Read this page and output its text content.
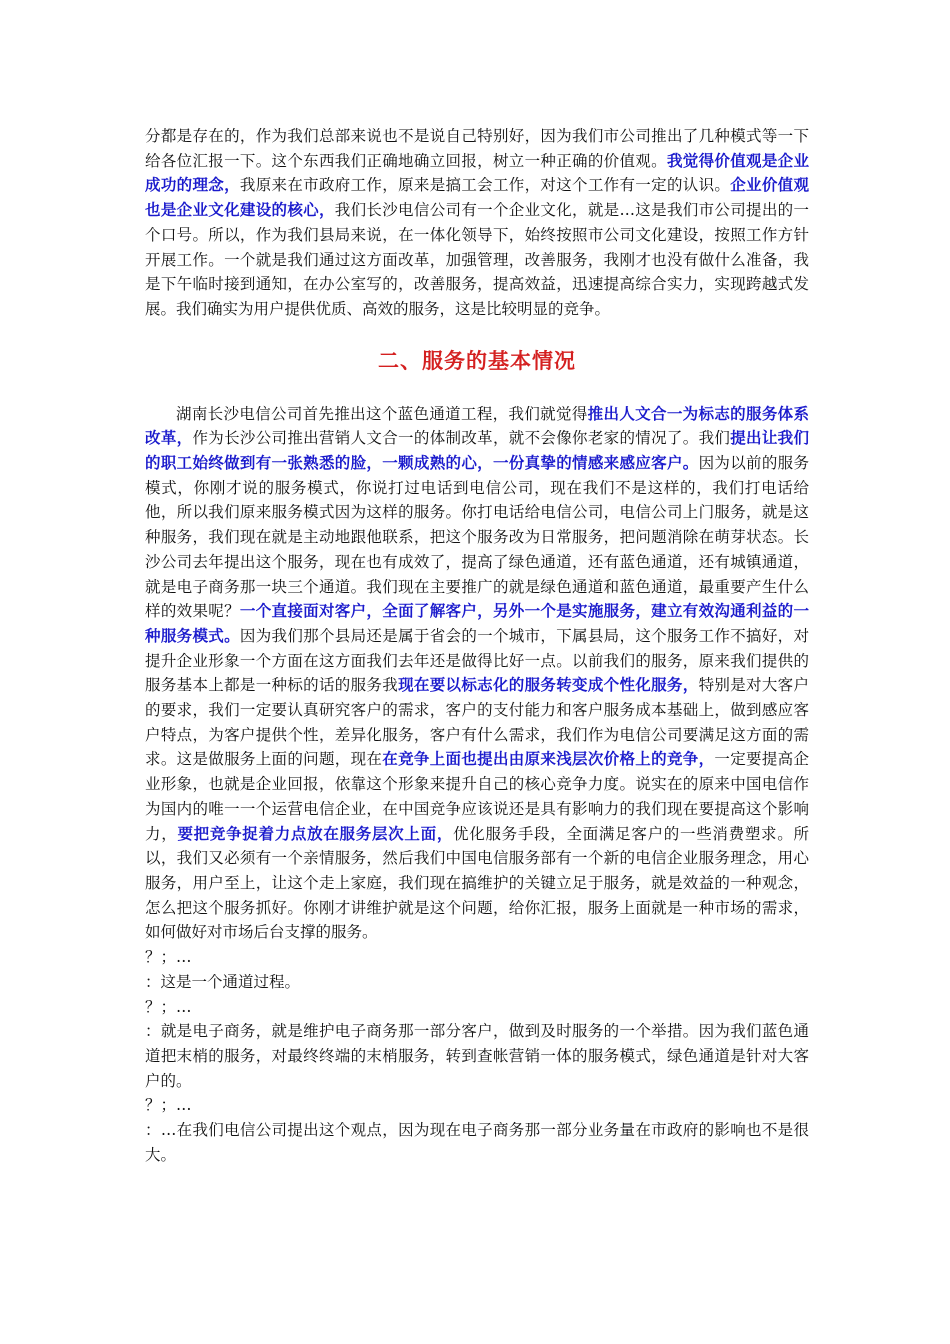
分都是存在的，作为我们总部来说也不是说自己特别好，因为我们市公司推出了几种模式等一下给各位汇报一下。这个东西我们正确地确立回报，树立一种正确的价值观。我觉得价值观是企业成功的理念，我原来在市政府工作，原来是搞工会工作，对这个工作有一定的认识。企业价值观也是企业文化建设的核心，我们长沙电信公司有一个企业文化，就是…这是我们市公司提出的一个口号。所以，作为我们县局来说，在一体化领导下，始终按照市公司文化建设，按照工作方针开展工作。一个就是我们通过这方面改革，加强管理，改善服务，我刚才也没有做什么准备，我是下午临时接到通知，在办公室写的，改善服务，提高效益，迅速提高综合实力，实现跨越式发展。我们确实为用户提供优质、高效的服务，这是比较明显的竞争。

二、服务的基本情况

湖南长沙电信公司首先推出这个蓝色通道工程，我们就觉得推出人文合一为标志的服务体系改革，作为长沙公司推出营销人文合一的体制改革，就不会像你老家的情况了。我们提出让我们的职工始终做到有一张熟悉的脸，一颗成熟的心，一份真挚的情感来感应客户。因为以前的服务模式，你刚才说的服务模式，你说打过电话到电信公司，现在我们不是这样的，我们打电话给他，所以我们原来服务模式因为这样的服务。你打电话给电信公司，电信公司上门服务，就是这种服务，我们现在就是主动地跟他联系，把这个服务改为日常服务，把问题消除在萌芽状态。长沙公司去年提出这个服务，现在也有成效了，提高了绿色通道，还有蓝色通道，还有城镇通道，就是电子商务那一块三个通道。我们现在主要推广的就是绿色通道和蓝色通道，最重要产生什么样的效果呢？一个直接面对客户，全面了解客户，另外一个是实施服务，建立有效沟通利益的一种服务模式。因为我们那个县局还是属于省会的一个城市，下属县局，这个服务工作不搞好，对提升企业形象一个方面在这方面我们去年还是做得比好一点。以前我们的服务，原来我们提供的服务基本上都是一种标的话的服务我现在要以标志化的服务转变成个性化服务，特别是对大客户的要求，我们一定要认真研究客户的需求，客户的支付能力和客户服务成本基础上，做到感应客户特点，为客户提供个性，差异化服务，客户有什么需求，我们作为电信公司要满足这方面的需求。这是做服务上面的问题，现在在竞争上面也提出由原来浅层次价格上的竞争，一定要提高企业形象，也就是企业回报，依靠这个形象来提升自己的核心竞争力度。说实在的原来中国电信作为国内的唯一一个运营电信企业，在中国竞争应该说还是具有影响力的我们现在要提高这个影响力，要把竞争捉着力点放在服务层次上面，优化服务手段，全面满足客户的一些消费塑求。所以，我们又必须有一个亲情服务，然后我们中国电信服务部有一个新的电信企业服务理念，用心服务，用户至上，让这个走上家庭，我们现在搞维护的关键立足于服务，就是效益的一种观念，怎么把这个服务抓好。你刚才讲维护就是这个问题，给你汇报，服务上面就是一种市场的需求，如何做好对市场后台支撑的服务。

？；…

：这是一个通道过程。

？；…

：就是电子商务，就是维护电子商务那一部分客户，做到及时服务的一个举措。因为我们蓝色通道把末梢的服务，对最终终端的末梢服务，转到查帐营销一体的服务模式，绿色通道是针对大客户的。

？；…

：…在我们电信公司提出这个观点，因为现在电子商务那一部分业务量在市政府的影响也不是很大。
